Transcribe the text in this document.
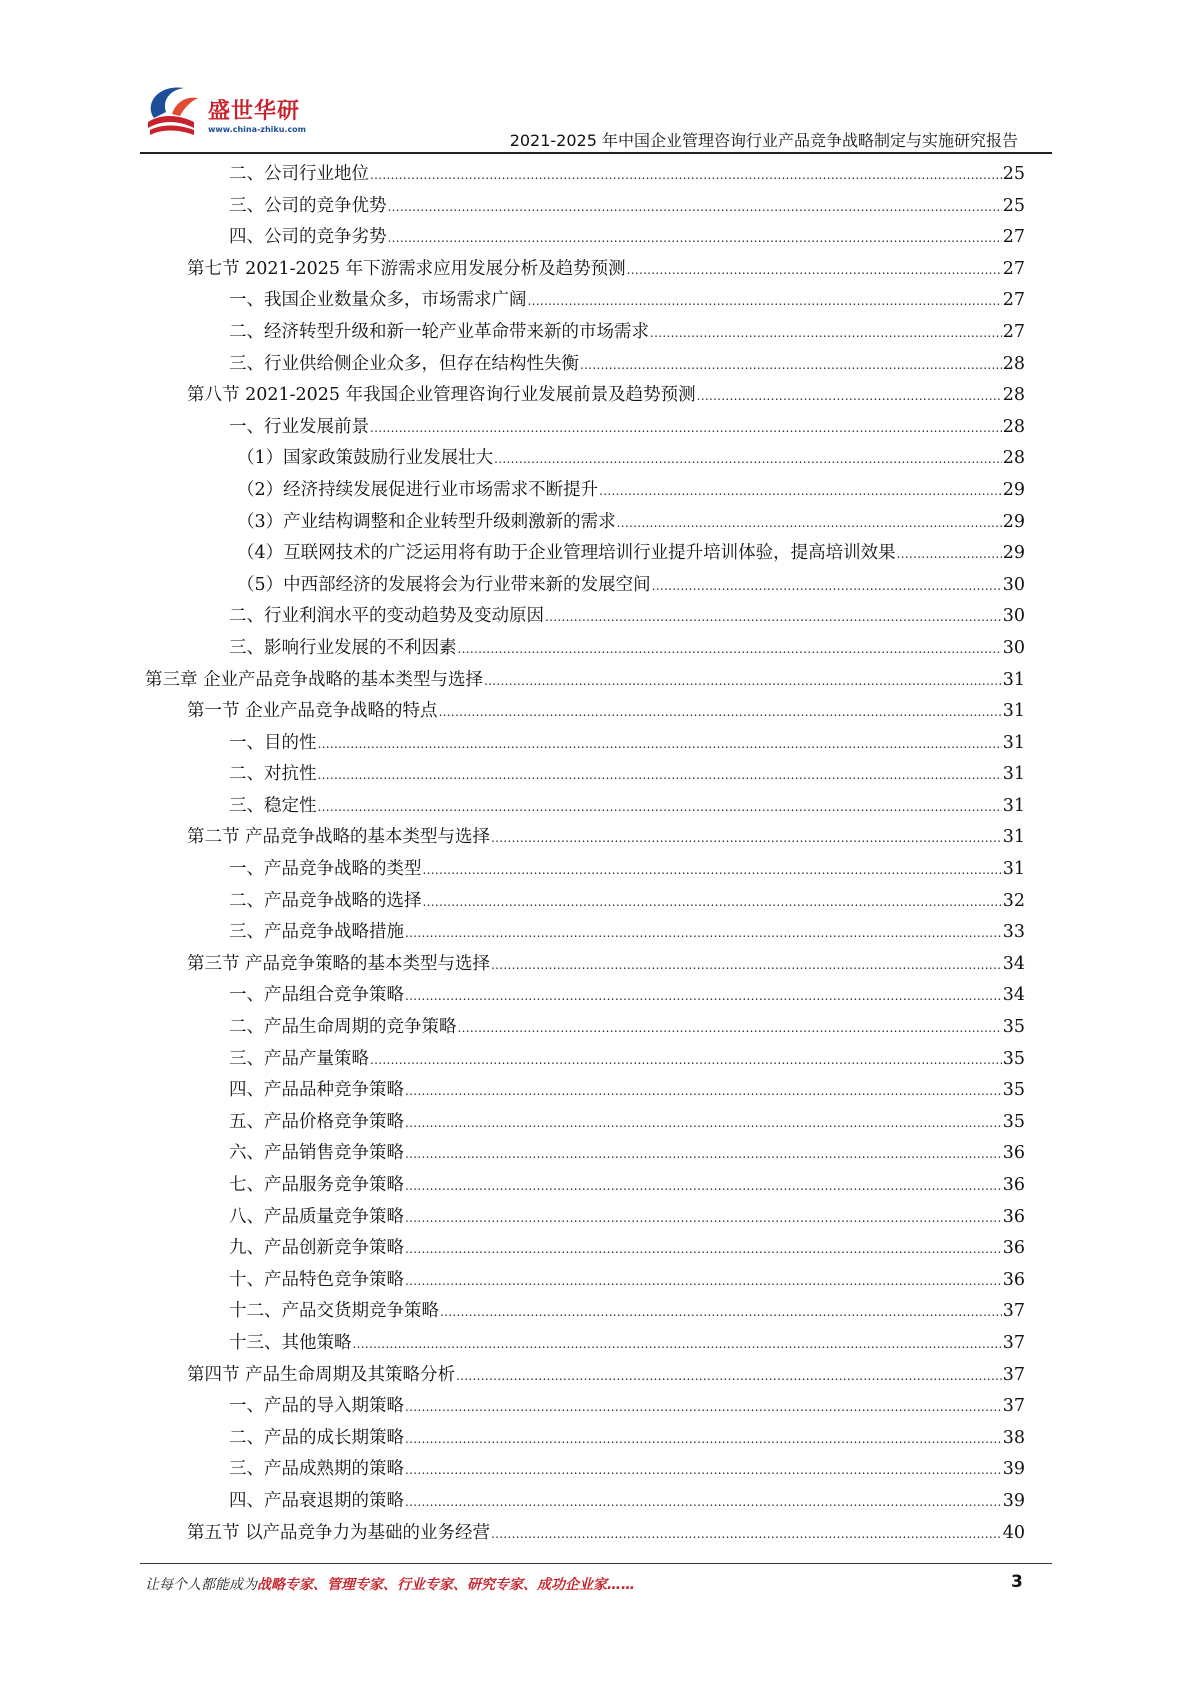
盛世华研
www.china-zhiku.com
2021-2025 年中国企业管理咨询行业产品竞争战略制定与实施研究报告
二、公司行业地位 .....	25
三、公司的竞争优势 .....	25
四、公司的竞争劣势 .....	27
第七节 2021-2025 年下游需求应用发展分析及趋势预测 .....	27
一、我国企业数量众多，市场需求广阔 .....	27
二、经济转型升级和新一轮产业革命带来新的市场需求 .....	27
三、行业供给侧企业众多，但存在结构性失衡 .....	28
第八节 2021-2025 年我国企业管理咨询行业发展前景及趋势预测 .....	28
一、行业发展前景 .....	28
（1）国家政策鼓励行业发展壮大 .....	28
（2）经济持续发展促进行业市场需求不断提升 .....	29
（3）产业结构调整和企业转型升级刺激新的需求 .....	29
（4）互联网技术的广泛运用将有助于企业管理培训行业提升培训体验，提高培训效果 .....	29
（5）中西部经济的发展将会为行业带来新的发展空间 .....	30
二、行业利润水平的变动趋势及变动原因 .....	30
三、影响行业发展的不利因素 .....	30
第三章 企业产品竞争战略的基本类型与选择 .....	31
第一节 企业产品竞争战略的特点 .....	31
一、目的性 .....	31
二、对抗性 .....	31
三、稳定性 .....	31
第二节 产品竞争战略的基本类型与选择 .....	31
一、产品竞争战略的类型 .....	31
二、产品竞争战略的选择 .....	32
三、产品竞争战略措施 .....	33
第三节 产品竞争策略的基本类型与选择 .....	34
一、产品组合竞争策略 .....	34
二、产品生命周期的竞争策略 .....	35
三、产品产量策略 .....	35
四、产品品种竞争策略 .....	35
五、产品价格竞争策略 .....	35
六、产品销售竞争策略 .....	36
七、产品服务竞争策略 .....	36
八、产品质量竞争策略 .....	36
九、产品创新竞争策略 .....	36
十、产品特色竞争策略 .....	36
十二、产品交货期竞争策略 .....	37
十三、其他策略 .....	37
第四节 产品生命周期及其策略分析 .....	37
一、产品的导入期策略 .....	37
二、产品的成长期策略 .....	38
三、产品成熟期的策略 .....	39
四、产品衰退期的策略 .....	39
第五节 以产品竞争力为基础的业务经营 .....	40
让每个人都能成为战略专家、管理专家、行业专家、研究专家、成功企业家……	3
